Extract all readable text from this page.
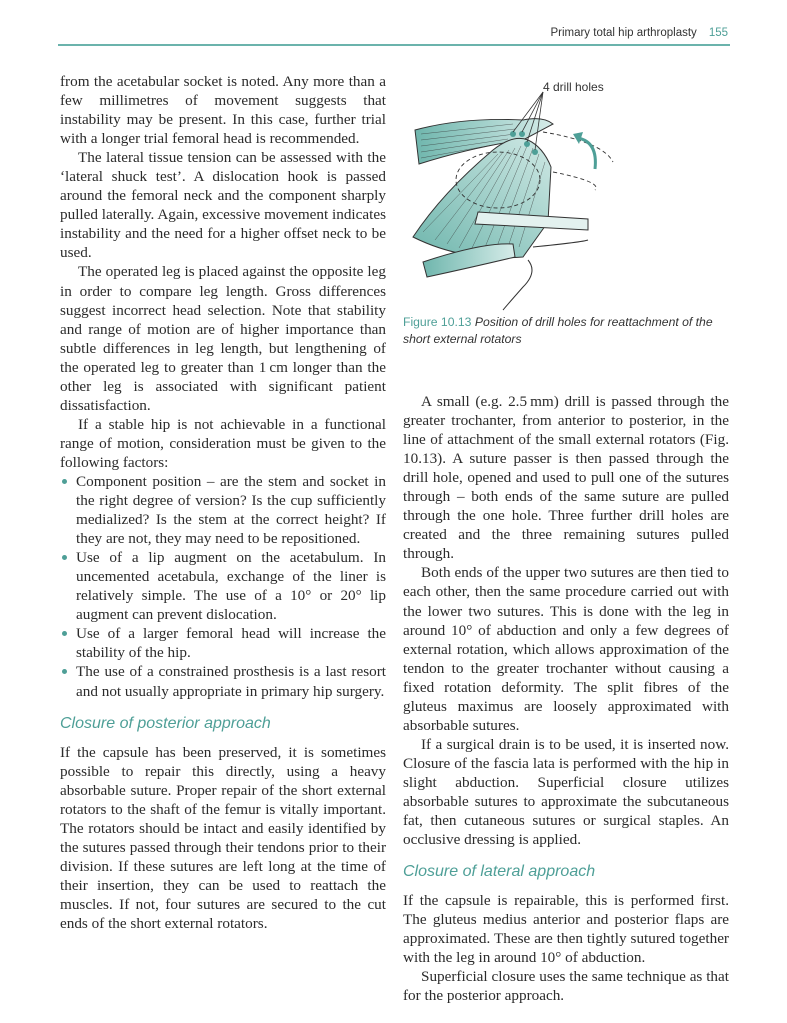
Primary total hip arthroplasty 155

from the acetabular socket is noted. Any more than a few millimetres of movement suggests that instability may be present. In this case, further trial with a longer trial femoral head is recommended.

The lateral tissue tension can be assessed with the ‘lateral shuck test’. A dislocation hook is passed around the femoral neck and the component sharply pulled laterally. Again, excessive movement indicates instability and the need for a higher offset neck to be used.

The operated leg is placed against the opposite leg in order to compare leg length. Gross differences suggest incorrect head selection. Note that stability and range of motion are of higher importance than subtle differences in leg length, but lengthening of the operated leg to greater than 1 cm longer than the other leg is associated with significant patient dissatisfaction.

If a stable hip is not achievable in a functional range of motion, consideration must be given to the following factors:

Component position – are the stem and socket in the right degree of version? Is the cup sufficiently medialized? Is the stem at the correct height? If they are not, they may need to be repositioned.
Use of a lip augment on the acetabulum. In uncemented acetabula, exchange of the liner is relatively simple. The use of a 10° or 20° lip augment can prevent dislocation.
Use of a larger femoral head will increase the stability of the hip.
The use of a constrained prosthesis is a last resort and not usually appropriate in primary hip surgery.
Closure of posterior approach

If the capsule has been preserved, it is sometimes possible to repair this directly, using a heavy absorbable suture. Proper repair of the short external rotators to the shaft of the femur is vitally important. The rotators should be intact and easily identified by the sutures passed through their tendons prior to their division. If these sutures are left long at the time of their insertion, they can be used to reattach the muscles. If not, four sutures are secured to the cut ends of the short external rotators.

4 drill holes
Figure 10.13 Position of drill holes for reattachment of the short external rotators

A small (e.g. 2.5 mm) drill is passed through the greater trochanter, from anterior to posterior, in the line of attachment of the small external rotators (Fig. 10.13). A suture passer is then passed through the drill hole, opened and used to pull one of the sutures through – both ends of the same suture are pulled through the one hole. Three further drill holes are created and the three remaining sutures pulled through.

Both ends of the upper two sutures are then tied to each other, then the same procedure carried out with the lower two sutures. This is done with the leg in around 10° of abduction and only a few degrees of external rotation, which allows approximation of the tendon to the greater trochanter without causing a fixed rotation deformity. The split fibres of the gluteus maximus are loosely approximated with absorbable sutures.

If a surgical drain is to be used, it is inserted now. Closure of the fascia lata is performed with the hip in slight abduction. Superficial closure utilizes absorbable sutures to approximate the subcutaneous fat, then cutaneous sutures or surgical staples. An occlusive dressing is applied.

Closure of lateral approach

If the capsule is repairable, this is performed first. The gluteus medius anterior and posterior flaps are approximated. These are then tightly sutured together with the leg in around 10° of abduction.

Superficial closure uses the same technique as that for the posterior approach.
